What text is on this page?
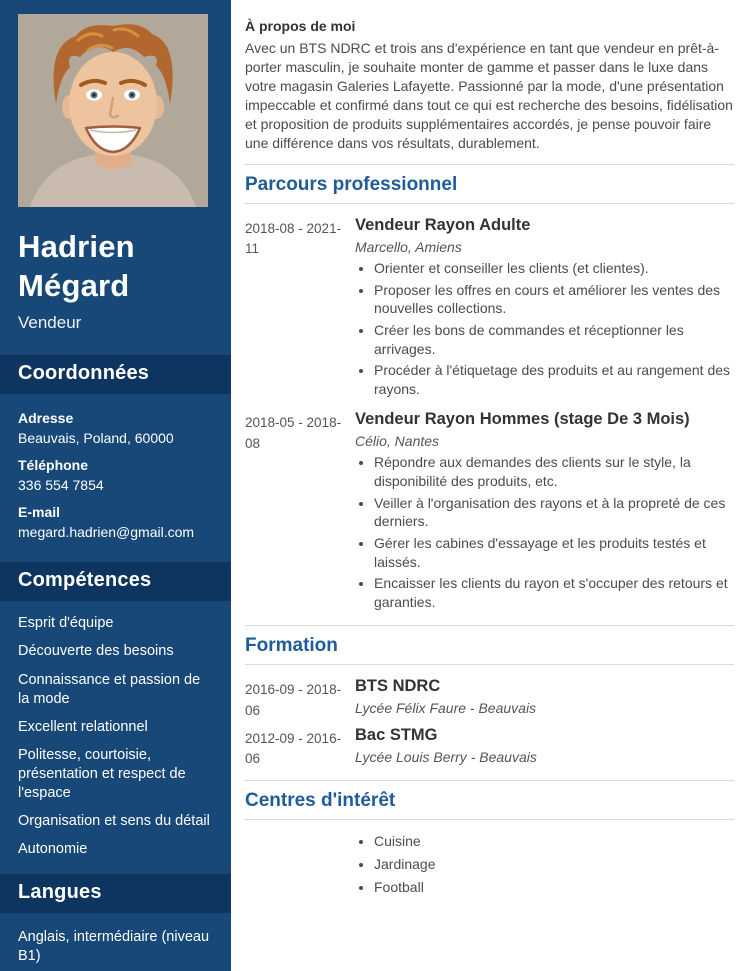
Hadrien Mégard
Vendeur
Coordonnées
Adresse
Beauvais, Poland, 60000
Téléphone
336 554 7854
E-mail
megard.hadrien@gmail.com
Compétences
Esprit d'équipe
Découverte des besoins
Connaissance et passion de la mode
Excellent relationnel
Politesse, courtoisie, présentation et respect de l'espace
Organisation et sens du détail
Autonomie
Langues
Anglais, intermédiaire (niveau B1)
À propos de moi

Avec un BTS NDRC et trois ans d'expérience en tant que vendeur en prêt-à-porter masculin, je souhaite monter de gamme et passer dans le luxe dans votre magasin Galeries Lafayette. Passionné par la mode, d'une présentation impeccable et confirmé dans tout ce qui est recherche des besoins, fidélisation et proposition de produits supplémentaires accordés, je pense pouvoir faire une différence dans vos résultats, durablement.

Parcours professionnel
2018-08 - 2021-11
Vendeur Rayon Adulte
Marcello, Amiens
• Orienter et conseiller les clients (et clientes).
• Proposer les offres en cours et améliorer les ventes des nouvelles collections.
• Créer les bons de commandes et réceptionner les arrivages.
• Procéder à l'étiquetage des produits et au rangement des rayons.
2018-05 - 2018-08
Vendeur Rayon Hommes (stage De 3 Mois)
Célio, Nantes
• Répondre aux demandes des clients sur le style, la disponibilité des produits, etc.
• Veiller à l'organisation des rayons et à la propreté de ces derniers.
• Gérer les cabines d'essayage et les produits testés et laissés.
• Encaisser les clients du rayon et s'occuper des retours et garanties.
Formation
2016-09 - 2018-06
BTS NDRC
Lycée Félix Faure - Beauvais
2012-09 - 2016-06
Bac STMG
Lycée Louis Berry - Beauvais
Centres d'intérêt
• Cuisine
• Jardinage
• Football
